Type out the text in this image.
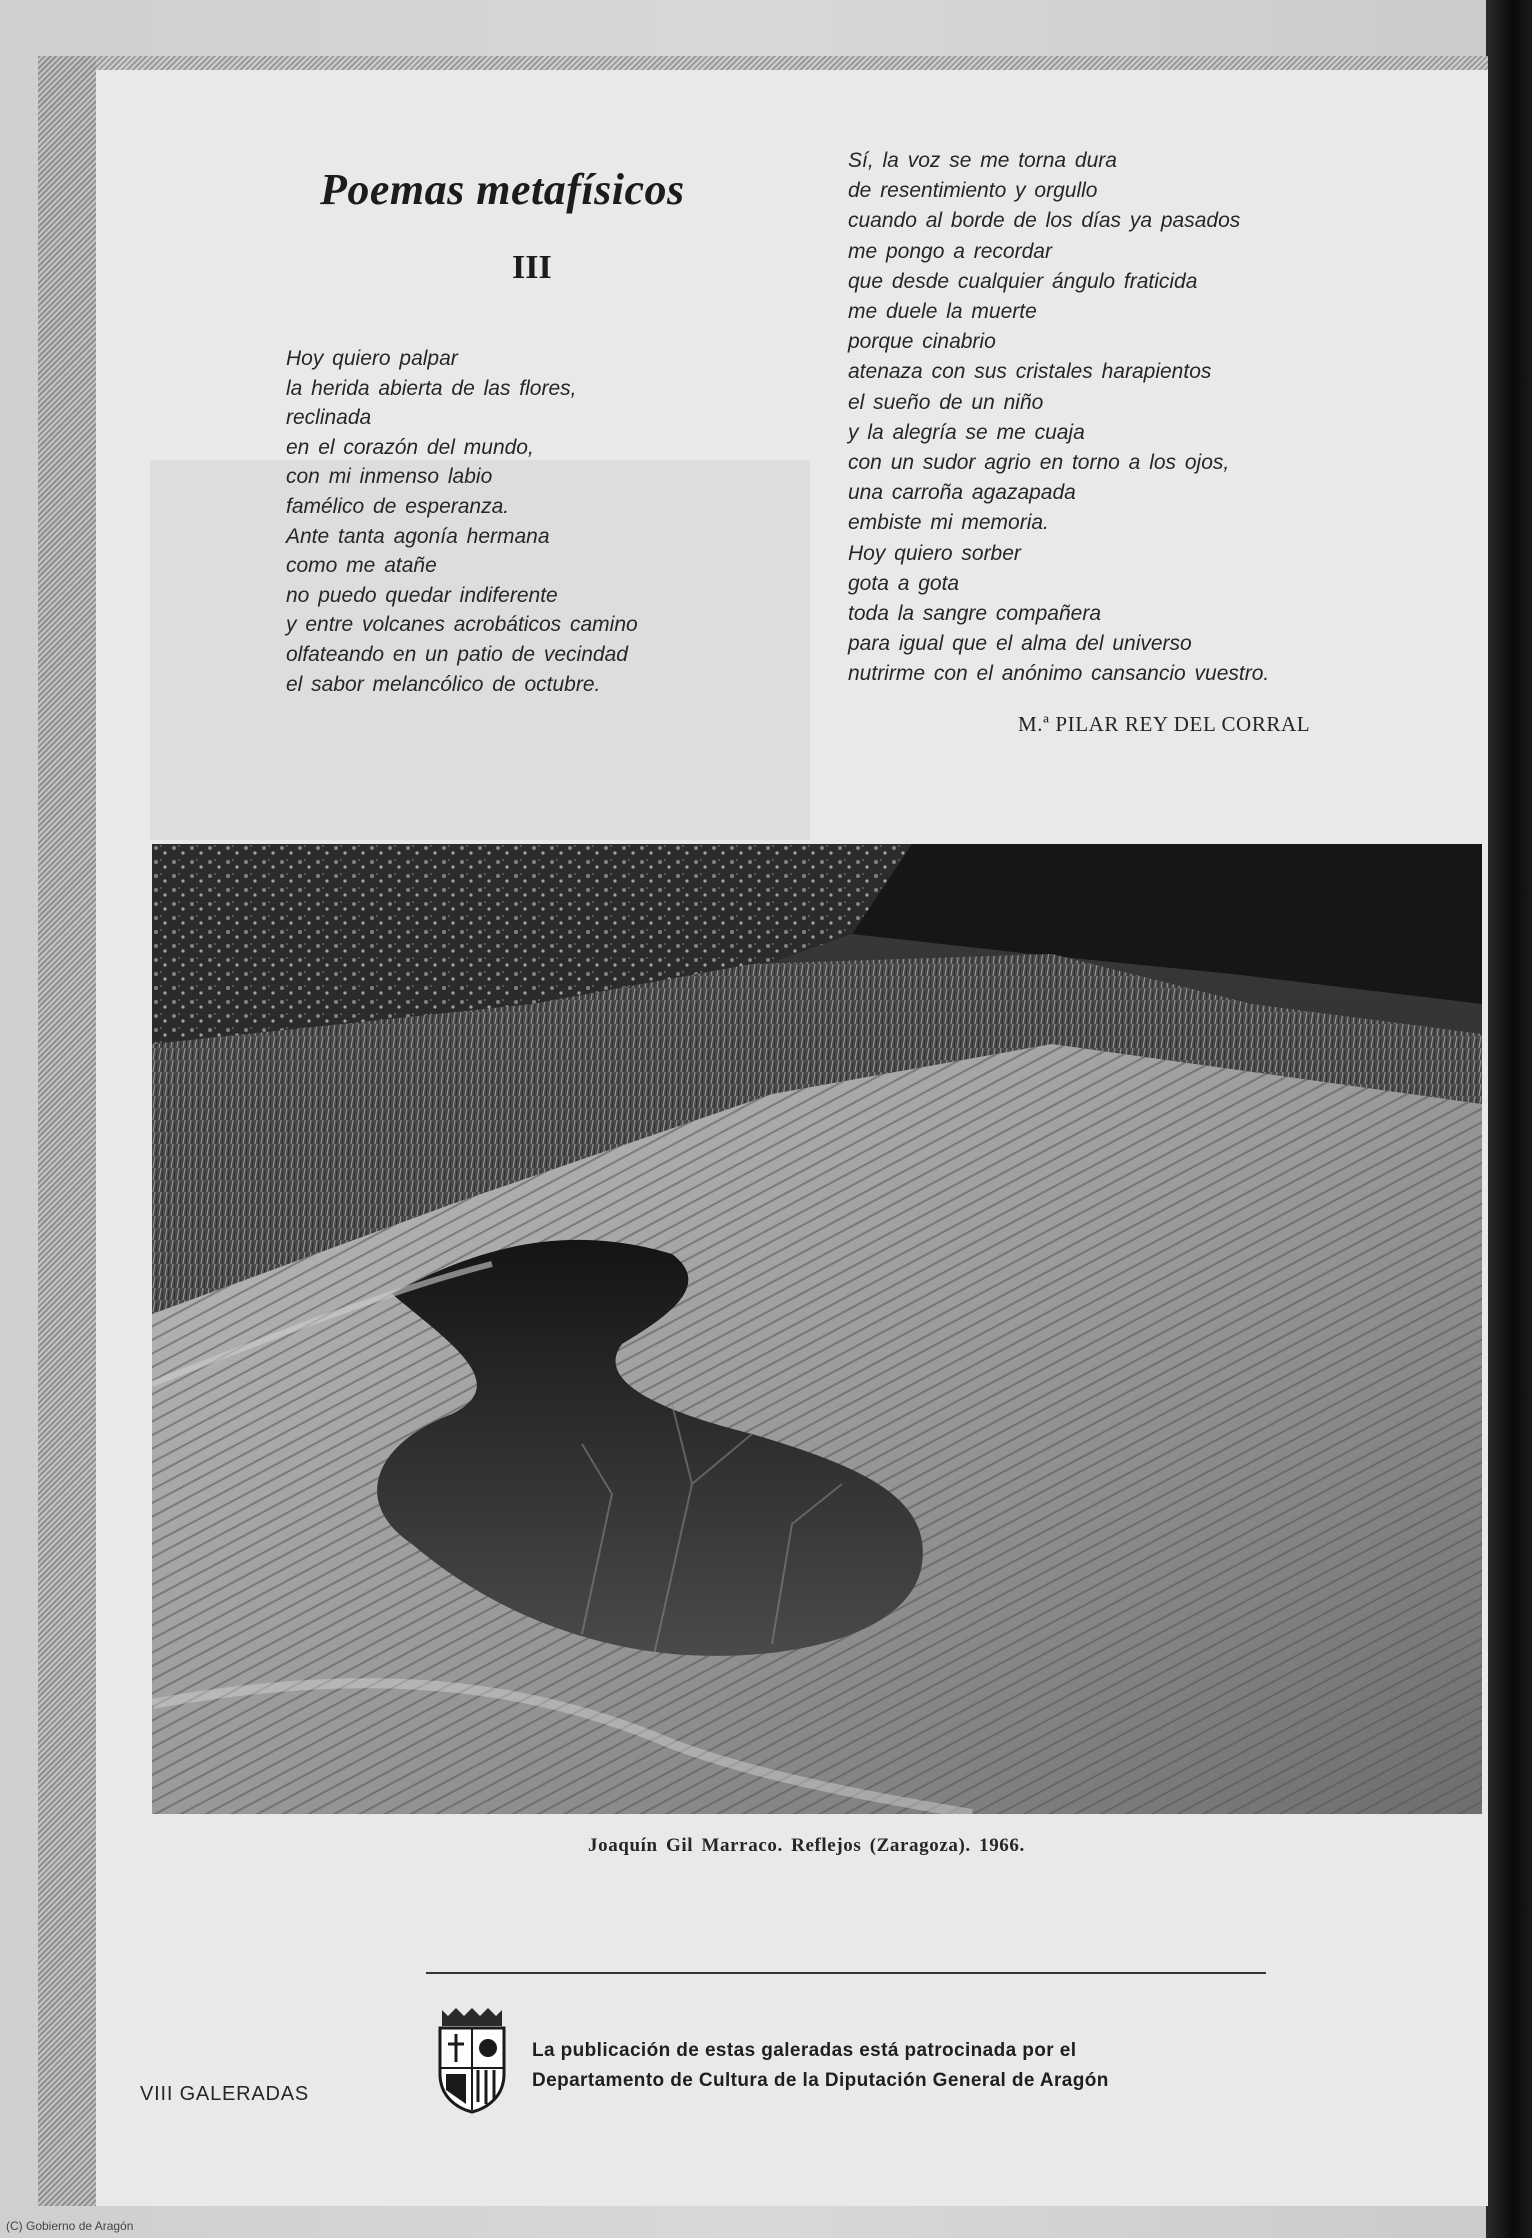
Poemas metafísicos
III
Hoy quiero palpar
la herida abierta de las flores,
reclinada
en el corazón del mundo,
con mi inmenso labio
famélico de esperanza.
Ante tanta agonía hermana
como me atañe
no puedo quedar indiferente
y entre volcanes acrobáticos camino
olfateando en un patio de vecindad
el sabor melancólico de octubre.
Sí, la voz se me torna dura
de resentimiento y orgullo
cuando al borde de los días ya pasados
me pongo a recordar
que desde cualquier ángulo fraticida
me duele la muerte
porque cinabrio
atenaza con sus cristales harapientos
el sueño de un niño
y la alegría se me cuaja
con un sudor agrio en torno a los ojos,
una carroña agazapada
embiste mi memoria.
Hoy quiero sorber
gota a gota
toda la sangre compañera
para igual que el alma del universo
nutrirme con el anónimo cansancio vuestro.
M.ª PILAR REY DEL CORRAL
Joaquín Gil Marraco. Reflejos (Zaragoza). 1966.
La publicación de estas galeradas está patrocinada por el
Departamento de Cultura de la Diputación General de Aragón
VIII GALERADAS
(C) Gobierno de Aragón
